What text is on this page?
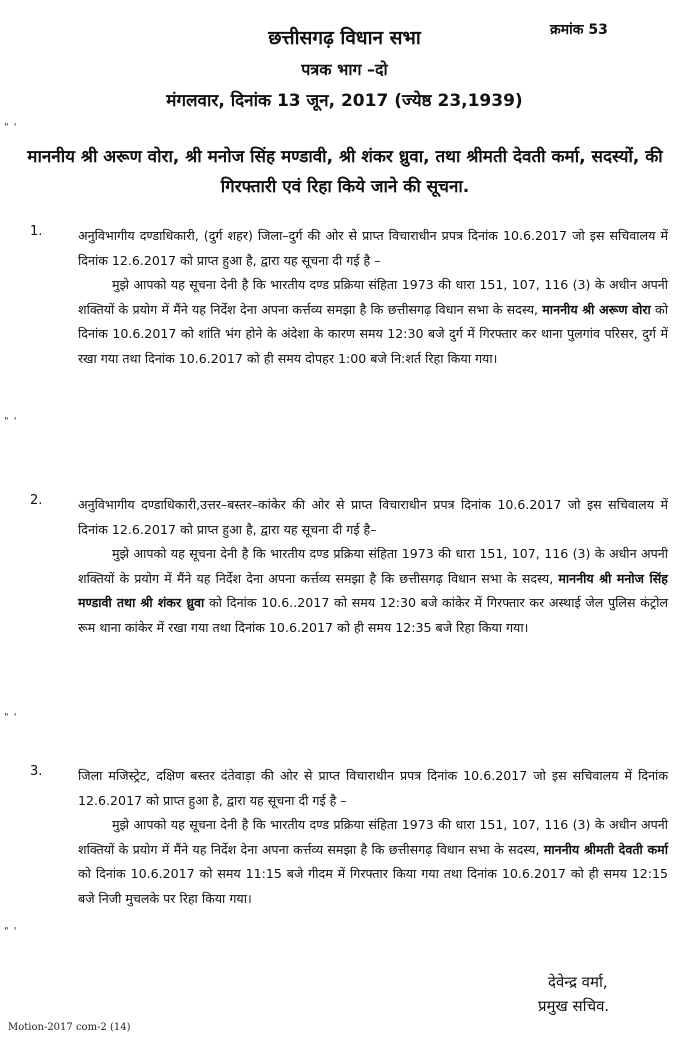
क्रमांक 53
छत्तीसगढ़ विधान सभा
पत्रक भाग –दो
मंगलवार, दिनांक 13 जून, 2017 (ज्येष्ठ 23,1939)
" '
" '
" '
" '
माननीय श्री अरूण वोरा, श्री मनोज सिंह मण्डावी, श्री शंकर ध्रुवा, तथा श्रीमती देवती कर्मा, सदस्यों, की गिरफ्तारी एवं रिहा किये जाने की सूचना.
1.	अनुविभागीय दण्डाधिकारी, (दुर्ग शहर) जिला–दुर्ग की ओर से प्राप्त विचाराधीन प्रपत्र दिनांक 10.6.2017 जो इस सचिवालय में दिनांक 12.6.2017 को प्राप्त हुआ है, द्वारा यह सूचना दी गई है –

मुझे आपको यह सूचना देनी है कि भारतीय दण्ड प्रक्रिया संहिता 1973 की धारा 151, 107, 116 (3) के अधीन अपनी शक्तियों के प्रयोग में मैंने यह निर्देश देना अपना कर्त्तव्य समझा है कि छत्तीसगढ़ विधान सभा के सदस्य, माननीय श्री अरूण वोरा को दिनांक 10.6.2017 को शांति भंग होने के अंदेशा के कारण समय 12:30 बजे दुर्ग में गिरफ्तार कर थाना पुलगांव परिसर, दुर्ग में रखा गया तथा दिनांक 10.6.2017 को ही समय दोपहर 1:00 बजे नि:शर्त रिहा किया गया।

2.	अनुविभागीय दण्डाधिकारी,उत्तर–बस्तर–कांकेर की ओर से प्राप्त विचाराधीन प्रपत्र दिनांक 10.6.2017 जो इस सचिवालय में दिनांक 12.6.2017 को प्राप्त हुआ है, द्वारा यह सूचना दी गई है–

मुझे आपको यह सूचना देनी है कि भारतीय दण्ड प्रक्रिया संहिता 1973 की धारा 151, 107, 116 (3) के अधीन अपनी शक्तियों के प्रयोग में मैंने यह निर्देश देना अपना कर्त्तव्य समझा है कि छत्तीसगढ़ विधान सभा के सदस्य, माननीय श्री मनोज सिंह मण्डावी तथा श्री शंकर ध्रुवा को दिनांक 10.6..2017 को समय 12:30 बजे कांकेर में गिरफ्तार कर अस्थाई जेल पुलिस कंट्रोल रूम थाना कांकेर में रखा गया तथा दिनांक 10.6.2017 को ही समय 12:35 बजे रिहा किया गया।

3.	जिला मजिस्ट्रेट, दक्षिण बस्तर दंतेवाड़ा की ओर से प्राप्त विचाराधीन प्रपत्र दिनांक 10.6.2017 जो इस सचिवालय में दिनांक 12.6.2017 को प्राप्त हुआ है, द्वारा यह सूचना दी गई है –

मुझे आपको यह सूचना देनी है कि भारतीय दण्ड प्रक्रिया संहिता 1973 की धारा 151, 107, 116 (3) के अधीन अपनी शक्तियों के प्रयोग में मैंने यह निर्देश देना अपना कर्त्तव्य समझा है कि छत्तीसगढ़ विधान सभा के सदस्य, माननीय श्रीमती देवती कर्मा को दिनांक 10.6.2017 को समय 11:15 बजे गीदम में गिरफ्तार किया गया तथा दिनांक 10.6.2017 को ही समय 12:15 बजे निजी मुचलके पर रिहा किया गया।

देवेन्द्र वर्मा,
प्रमुख सचिव.
Motion-2017 com-2 (14)
